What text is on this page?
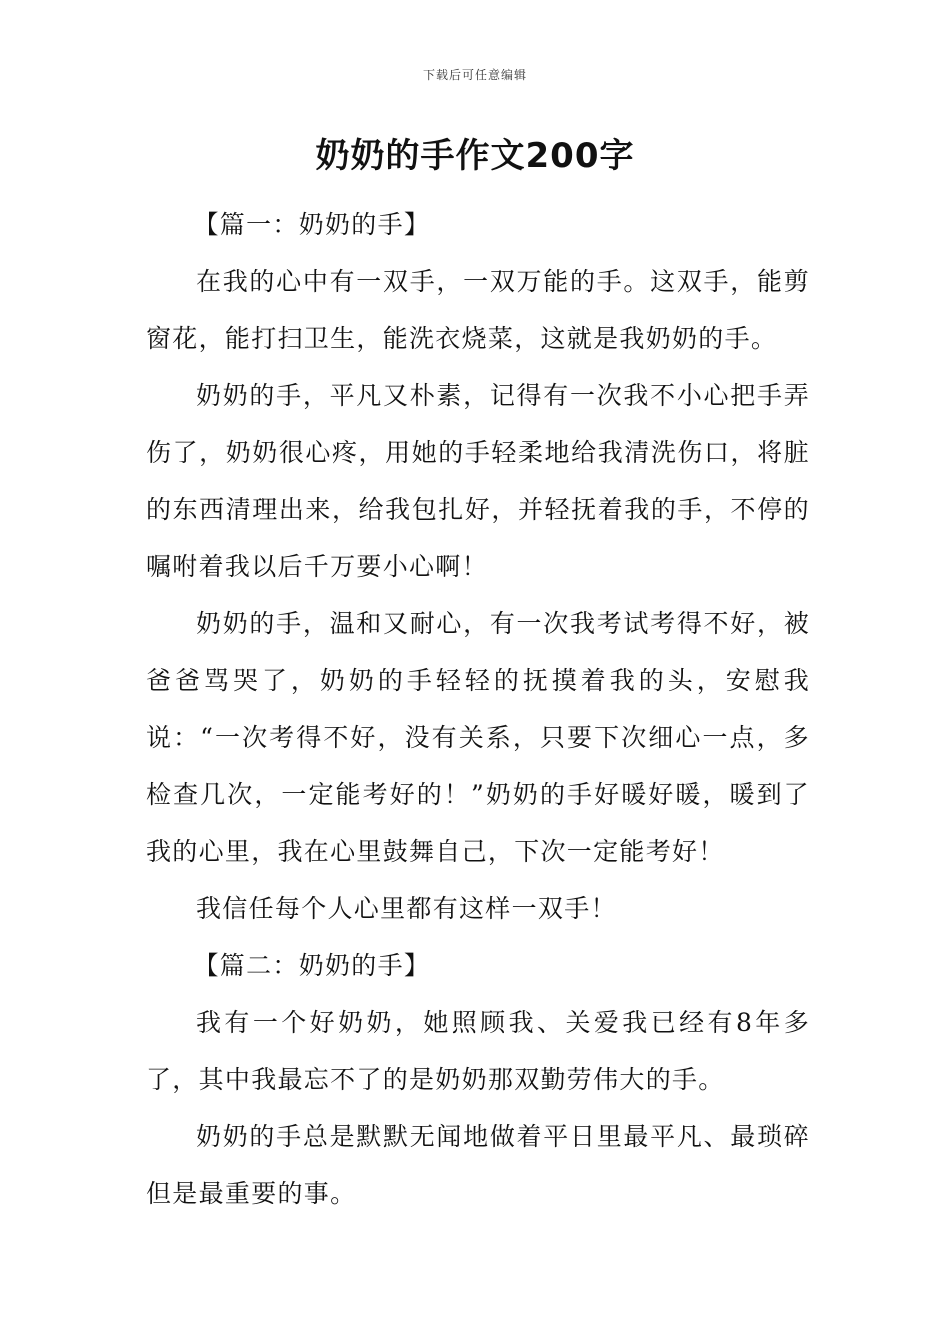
下载后可任意编辑
奶奶的手作文200字

【篇一：奶奶的手】

在我的心中有一双手，一双万能的手。这双手，能剪窗花，能打扫卫生，能洗衣烧菜，这就是我奶奶的手。

奶奶的手，平凡又朴素，记得有一次我不小心把手弄伤了，奶奶很心疼，用她的手轻柔地给我清洗伤口，将脏的东西清理出来，给我包扎好，并轻抚着我的手，不停的嘱咐着我以后千万要小心啊！

奶奶的手，温和又耐心，有一次我考试考得不好，被爸爸骂哭了，奶奶的手轻轻的抚摸着我的头，安慰我说：“一次考得不好，没有关系，只要下次细心一点，多检查几次，一定能考好的！”奶奶的手好暖好暖，暖到了我的心里，我在心里鼓舞自己，下次一定能考好！

我信任每个人心里都有这样一双手！

【篇二：奶奶的手】

我有一个好奶奶，她照顾我、关爱我已经有8年多了，其中我最忘不了的是奶奶那双勤劳伟大的手。

奶奶的手总是默默无闻地做着平日里最平凡、最琐碎但是最重要的事。
